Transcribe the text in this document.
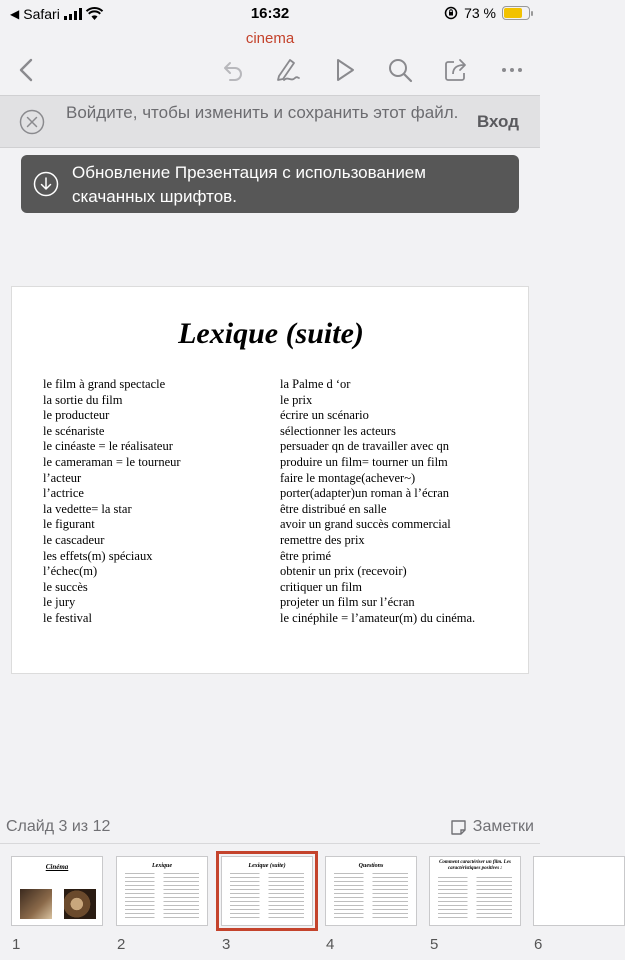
◀ Safari	16:32	73 %
cinema
Войдите, чтобы изменить и сохранить этот файл.	Вход
Обновление Презентация с использованием скачанных шрифтов.
Lexique (suite)
le film à grand spectacle
la sortie du film
le producteur
le scénariste
le cinéaste = le réalisateur
le cameraman = le tourneur
l’acteur
l’actrice
la vedette= la star
le figurant
le cascadeur
les effets(m) spéciaux
l’échec(m)
le succès
le jury
le festival
la Palme d ‘or
le prix
écrire un scénario
sélectionner les acteurs
persuader qn de travailler avec qn
produire un film= tourner un film
faire le montage(achever~)
porter(adapter)un roman à l’écran
être distribué en salle
avoir un grand succès commercial
remettre des prix
être primé
obtenir un prix (recevoir)
critiquer un film
projeter un film sur l’écran
le cinéphile = l’amateur(m) du cinéma.
Слайд 3 из 12	Заметки
Cinéma
1
Lexique
2
Lexique (suite)
3
Questions
4
Comment caractériser un film. Les caractéristiques positives :
5	6
